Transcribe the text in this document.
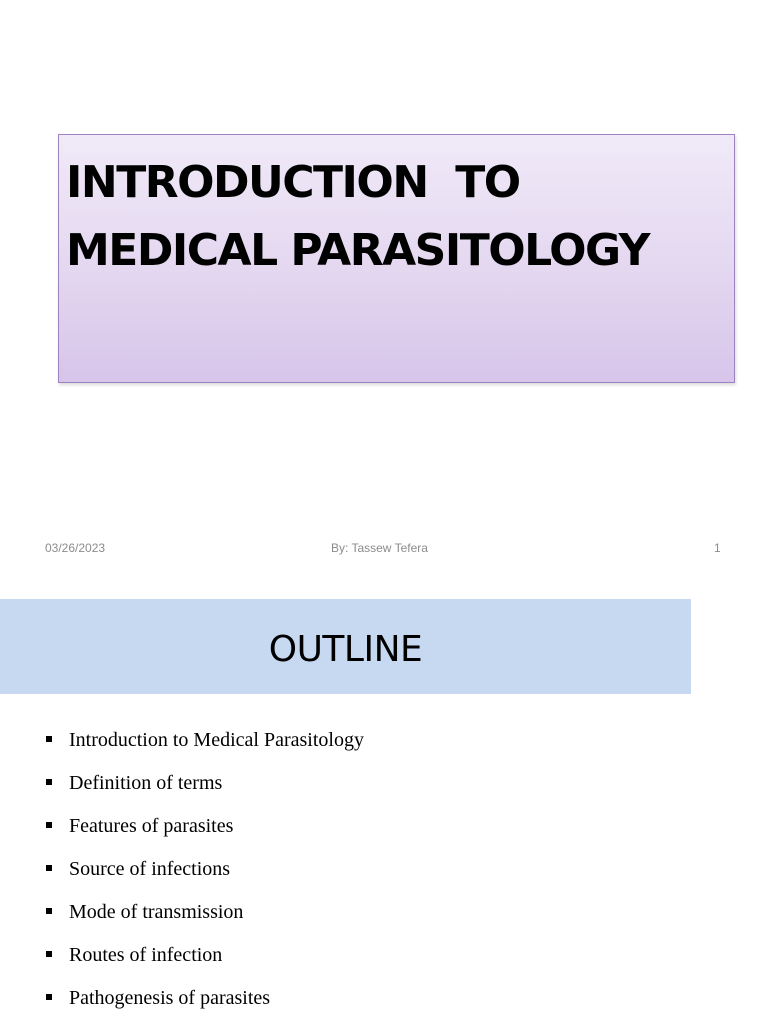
INTRODUCTION  TO
MEDICAL PARASITOLOGY
03/26/2023	By: Tassew Tefera	1
OUTLINE
Introduction to Medical Parasitology
Definition of terms
Features of parasites
Source of infections
Mode of transmission
Routes of infection
Pathogenesis of parasites
